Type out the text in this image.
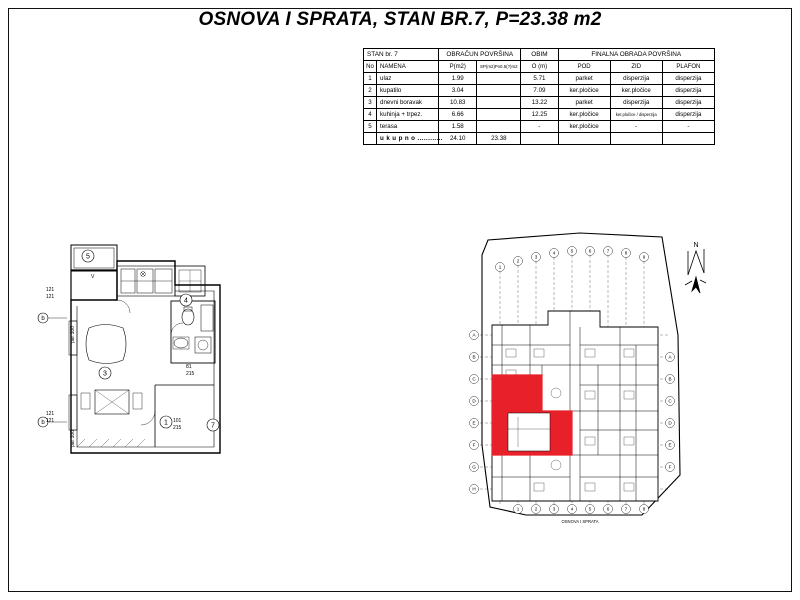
OSNOVA I SPRATA, STAN BR.7, P=23.38 m2
STAN br. 7		OBRAČUN POVRŠINA		OBIM	FINALNA OBRADA POVRŠINA		
No	NAMENA	P(m2)	SP(m2)Px0.5(?)m2	O (m)	POD	ZID	PLAFON
1	ulaz	1.99		5.71	parket	disperzija	disperzija
2	kupatilo	3.04		7.09	ker.pločice	ker.pločice	disperzija
3	dnevni boravak	10.83		13.22	parket	disperzija	disperzija
4	kuhinja + trpez.	6.66		12.25	ker.pločice	ker.pločice / disperzija	disperzija
5	terasa	1.58		-	ker.pločice	-	-
	u k u p n o ............	24.10	23.38				
5
4
3
1	7
b
b
121
121
par 100
121
121
par 100
101
215
81
215
V
1
2
3
4	5	6	7	8
9
A
B
C
D
E
F
G
H
A
B
C
D
E
F
1	2	3	4	5	6	7	8
N
OSNOVA I SPRATA
